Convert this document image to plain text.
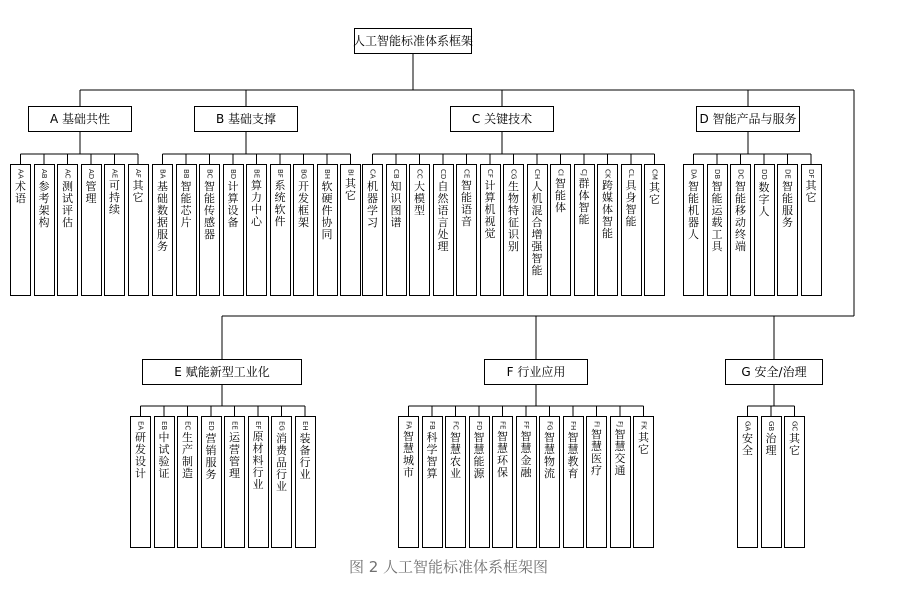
人工智能标准体系框架
A 基础共性
AA
术
语
AB
参
考
架
构
AC
测
试
评
估
AD
管
理
AE
可
持
续
AF
其
它
B 基础支撑
BA
基
础
数
据
服
务
BB
智
能
芯
片
BC
智
能
传
感
器
BD
计
算
设
备
BE
算
力
中
心
BF
系
统
软
件
BG
开
发
框
架
BH
软
硬
件
协
同
BI
其
它
C 关键技术
CA
机
器
学
习
CB
知
识
图
谱
CC
大
模
型
CD
自
然
语
言
处
理
CE
智
能
语
音
CF
计
算
机
视
觉
CG
生
物
特
征
识
别
CH
人
机
混
合
增
强
智
能
CI
智
能
体
CJ
群
体
智
能
CK
跨
媒
体
智
能
CL
具
身
智
能
CM
其
它
D 智能产品与服务
DA
智
能
机
器
人
DB
智
能
运
载
工
具
DC
智
能
移
动
终
端
DD
数
字
人
DE
智
能
服
务
DF
其
它
E 赋能新型工业化
EA
研
发
设
计
EB
中
试
验
证
EC
生
产
制
造
ED
营
销
服
务
EE
运
营
管
理
EF
原
材
料
行
业
EG
消
费
品
行
业
EH
装
备
行
业
F 行业应用
FA
智
慧
城
市
FB
科
学
智
算
FC
智
慧
农
业
FD
智
慧
能
源
FE
智
慧
环
保
FF
智
慧
金
融
FG
智
慧
物
流
FH
智
慧
教
育
FI
智
慧
医
疗
FJ
智
慧
交
通
FK
其
它
G 安全/治理
GA
安
全
GB
治
理
GC
其
它
图 2 人工智能标准体系框架图
